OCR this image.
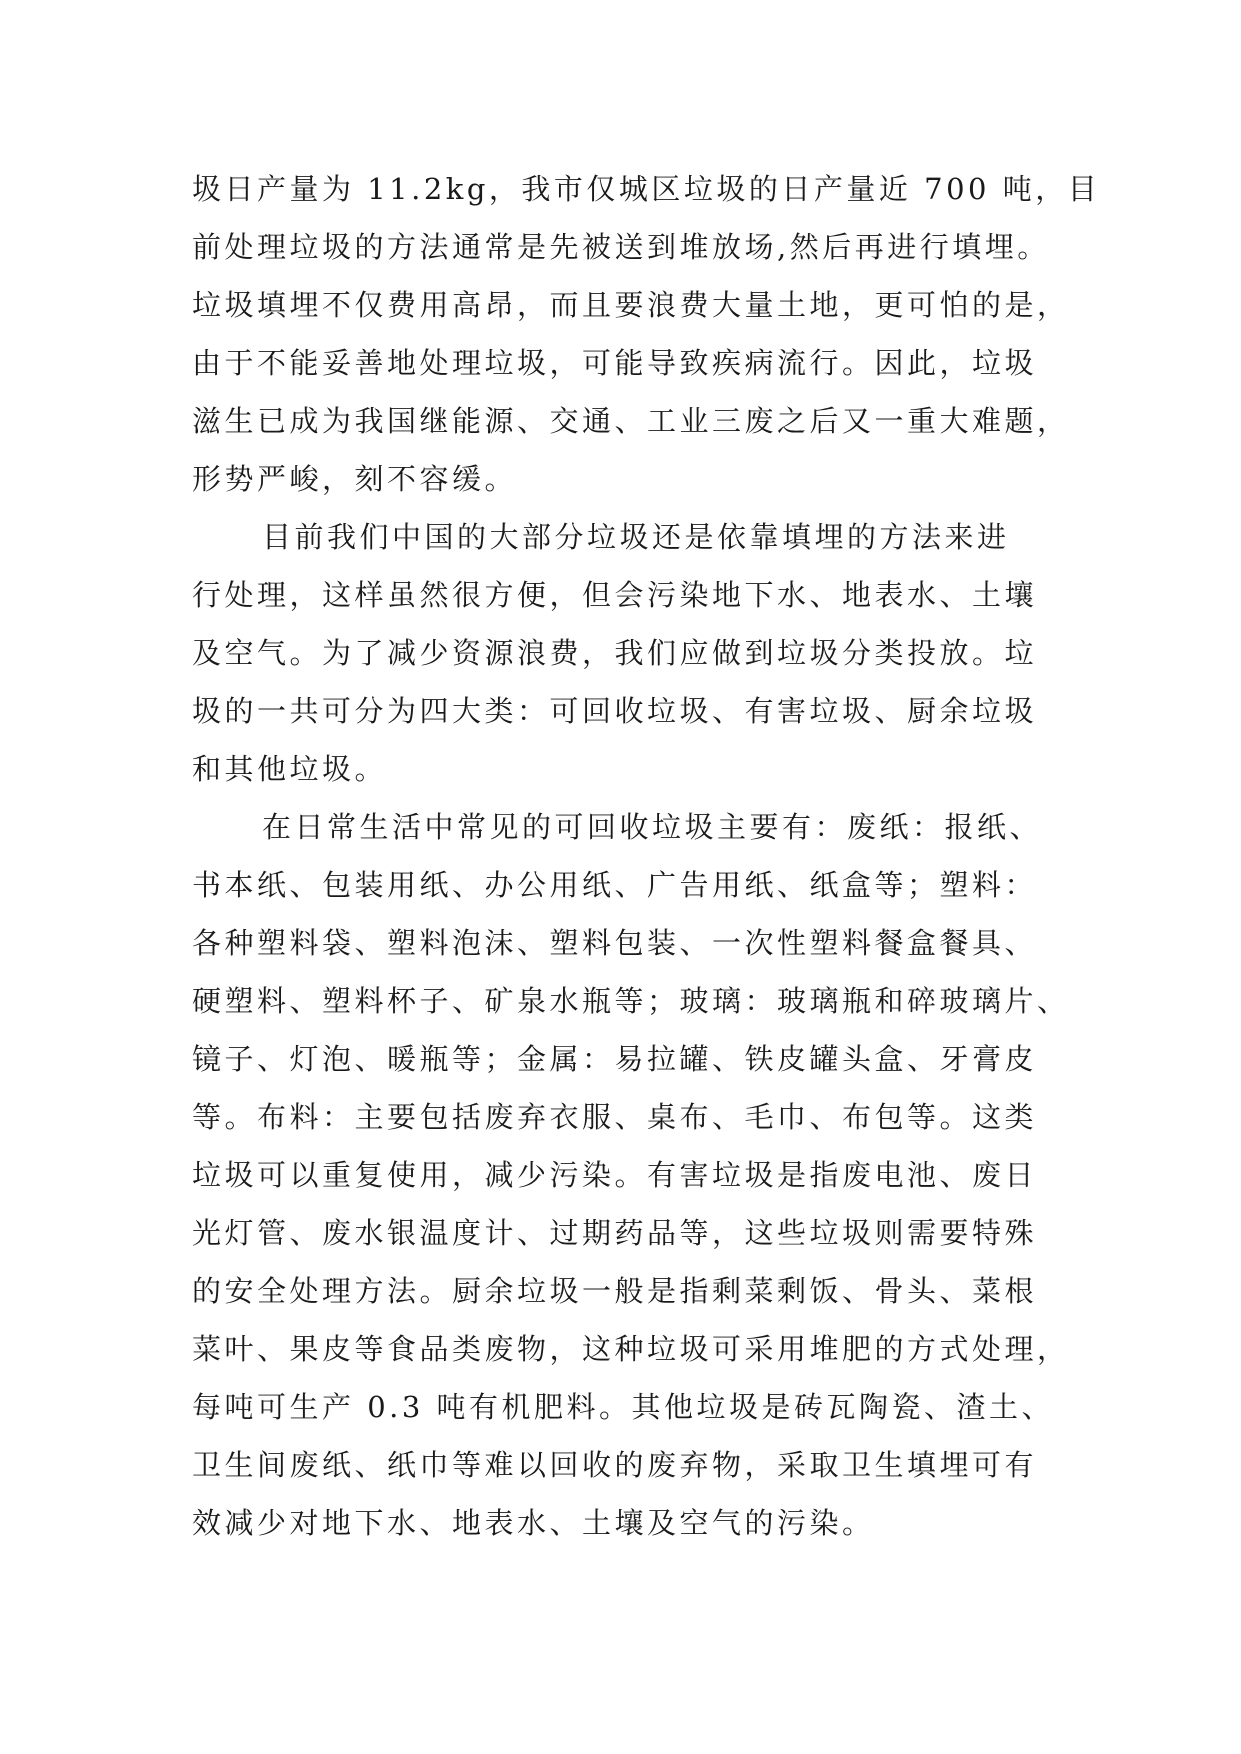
圾日产量为 11.2kg，我市仅城区垃圾的日产量近 700 吨，目
前处理垃圾的方法通常是先被送到堆放场,然后再进行填埋。
垃圾填埋不仅费用高昂，而且要浪费大量土地，更可怕的是，
由于不能妥善地处理垃圾，可能导致疾病流行。因此，垃圾
滋生已成为我国继能源、交通、工业三废之后又一重大难题，
形势严峻，刻不容缓。
目前我们中国的大部分垃圾还是依靠填埋的方法来进
行处理，这样虽然很方便，但会污染地下水、地表水、土壤
及空气。为了减少资源浪费，我们应做到垃圾分类投放。垃
圾的一共可分为四大类：可回收垃圾、有害垃圾、厨余垃圾
和其他垃圾。
在日常生活中常见的可回收垃圾主要有：废纸：报纸、
书本纸、包装用纸、办公用纸、广告用纸、纸盒等；塑料：
各种塑料袋、塑料泡沫、塑料包装、一次性塑料餐盒餐具、
硬塑料、塑料杯子、矿泉水瓶等；玻璃：玻璃瓶和碎玻璃片、
镜子、灯泡、暖瓶等；金属：易拉罐、铁皮罐头盒、牙膏皮
等。布料：主要包括废弃衣服、桌布、毛巾、布包等。这类
垃圾可以重复使用，减少污染。有害垃圾是指废电池、废日
光灯管、废水银温度计、过期药品等，这些垃圾则需要特殊
的安全处理方法。厨余垃圾一般是指剩菜剩饭、骨头、菜根
菜叶、果皮等食品类废物，这种垃圾可采用堆肥的方式处理，
每吨可生产 0.3 吨有机肥料。其他垃圾是砖瓦陶瓷、渣土、
卫生间废纸、纸巾等难以回收的废弃物，采取卫生填埋可有
效减少对地下水、地表水、土壤及空气的污染。
